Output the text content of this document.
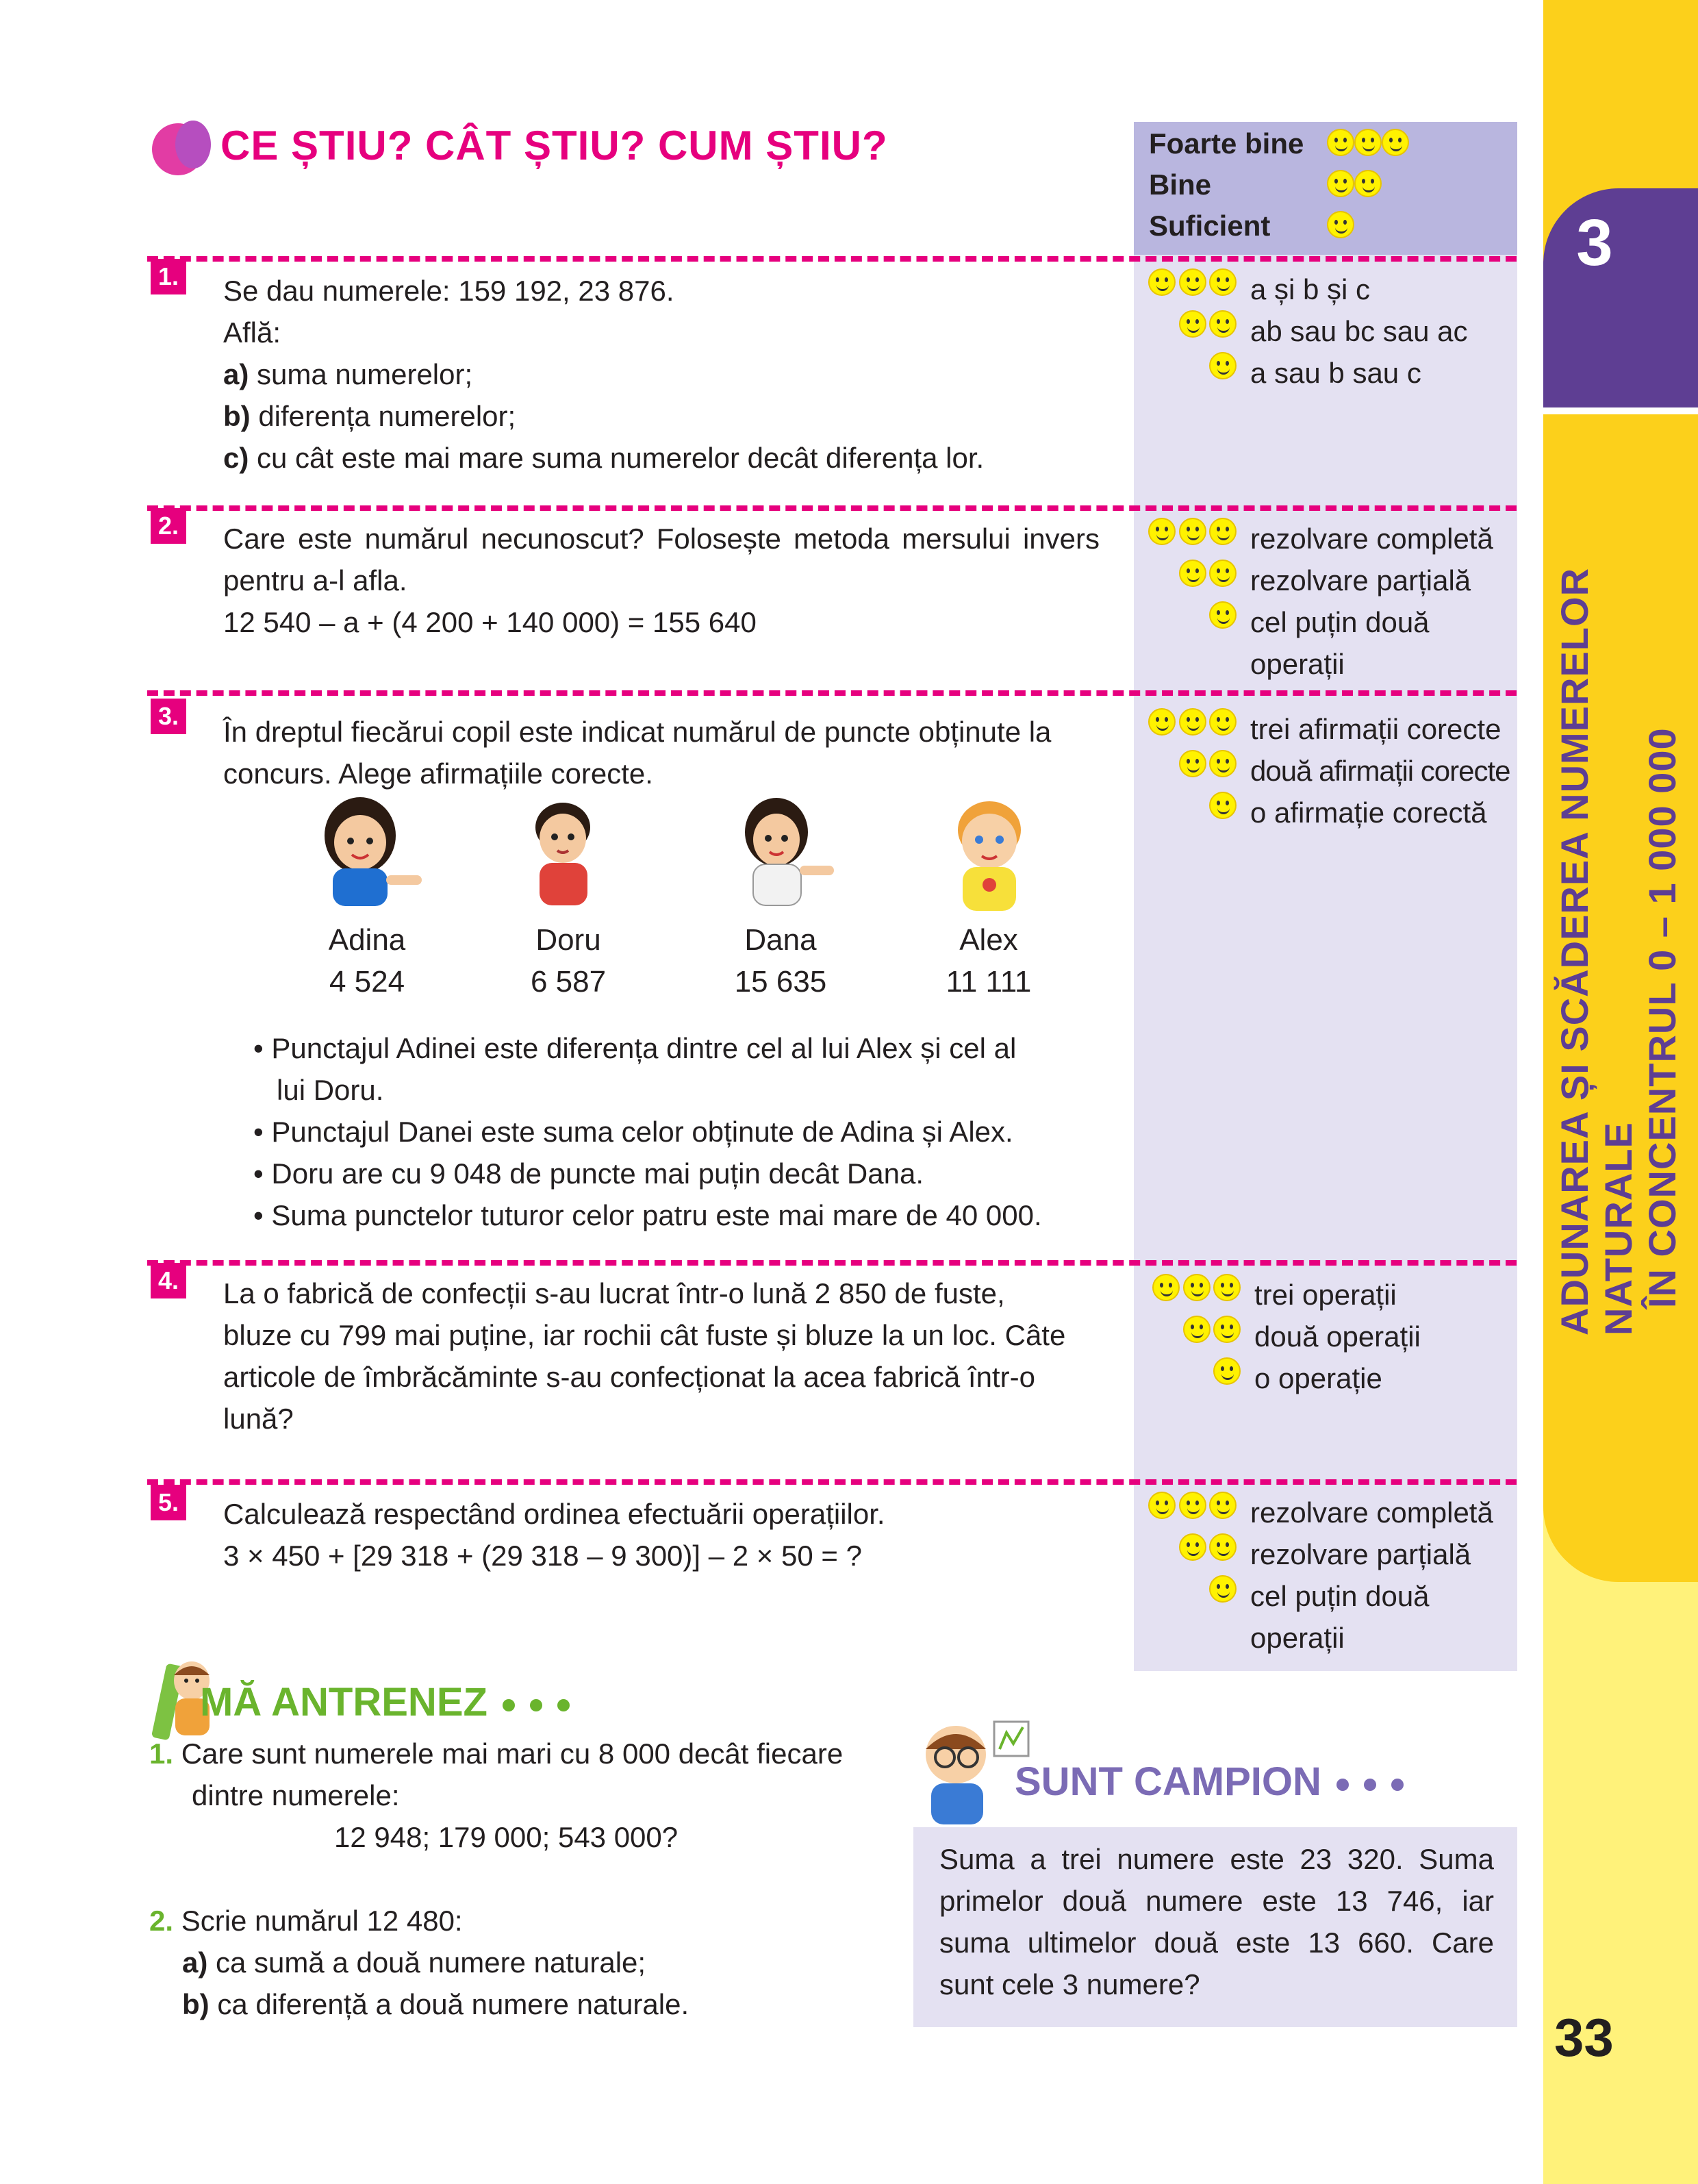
3
ADUNAREA ȘI SCĂDEREA NUMERELOR NATURALE ÎN CONCENTRUL 0 – 1 000 000
33
CE ȘTIU? CÂT ȘTIU? CUM ȘTIU?	Foarte bine
Bine
Suficient
1. Se dau numerele: 159 192, 23 876.
Află:
a) suma numerelor;
b) diferența numerelor;
c) cu cât este mai mare suma numerelor decât diferența lor.

a și b și c

ab sau bc sau ac
a sau b sau c
2. Care este numărul necunoscut? Folosește metoda mersului invers pentru a-l afla.
12 540 – a + (4 200 + 140 000) = 155 640

rezolvare completă

rezolvare parțială
cel puțin două
operații
3. În dreptul fiecărui copil este indicat numărul de puncte obținute la concurs. Alege afirmațiile corecte.

trei afirmații corecte

două afirmații corecte
o afirmație corectă
Adina
4 524
Doru
6 587
Dana
15 635
Alex
11 111
• Punctajul Adinei este diferența dintre cel al lui Alex și cel al
lui Doru.
• Punctajul Danei este suma celor obținute de Adina și Alex.
• Doru are cu 9 048 de puncte mai puțin decât Dana.
• Suma punctelor tuturor celor patru este mai mare de 40 000.
4. La o fabrică de confecții s-au lucrat într-o lună 2 850 de fuste,
bluze cu 799 mai puține, iar rochii cât fuste și bluze la un loc. Câte
articole de îmbrăcăminte s-au confecționat la acea fabrică într-o
lună?

trei operații

două operații
o operație
5. Calculează respectând ordinea efectuării operațiilor.
3 × 450 + [29 318 + (29 318 – 9 300)] – 2 × 50 = ?

rezolvare completă

rezolvare parțială
cel puțin două
operații
MĂ ANTRENEZ
1. Care sunt numerele mai mari cu 8 000 decât fiecare
dintre numerele:
12 948; 179 000; 543 000?
2. Scrie numărul 12 480:
a) ca sumă a două numere naturale;
b) ca diferență a două numere naturale.
SUNT CAMPION
Suma a trei numere este 23 320. Suma
primelor două numere este 13 746, iar
suma ultimelor două este 13 660. Care
sunt cele 3 numere?
